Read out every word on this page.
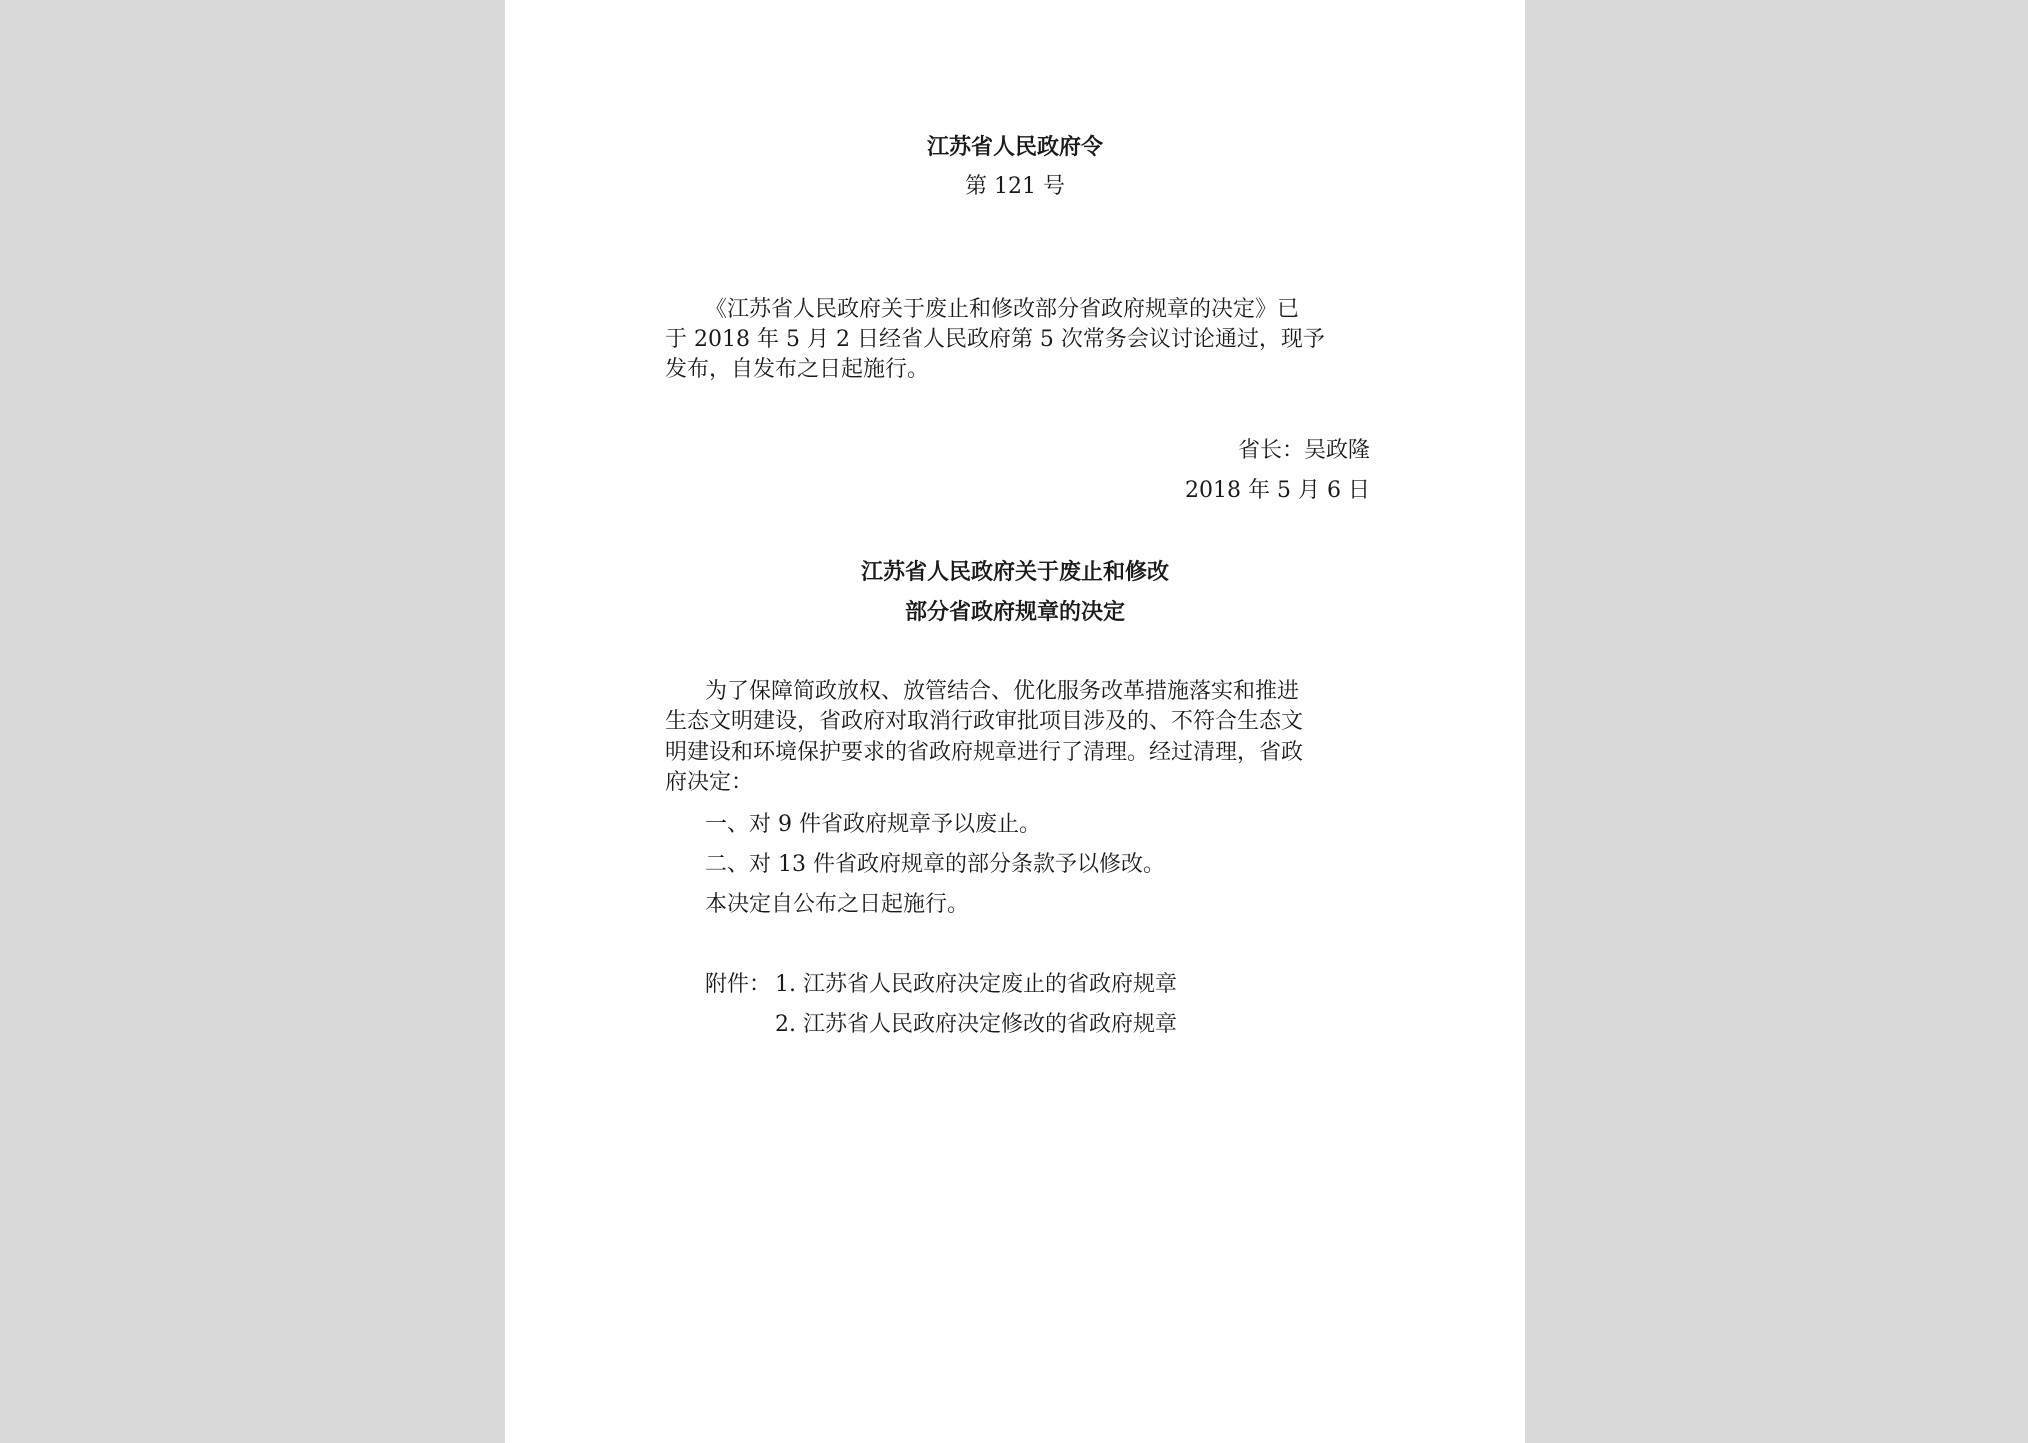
江苏省人民政府令
第 121 号
《江苏省人民政府关于废止和修改部分省政府规章的决定》已
于 2018 年 5 月 2 日经省人民政府第 5 次常务会议讨论通过，现予
发布，自发布之日起施行。
省长：吴政隆
2018 年 5 月 6 日
江苏省人民政府关于废止和修改
部分省政府规章的决定
为了保障简政放权、放管结合、优化服务改革措施落实和推进
生态文明建设，省政府对取消行政审批项目涉及的、不符合生态文
明建设和环境保护要求的省政府规章进行了清理。经过清理，省政
府决定：
一、对 9 件省政府规章予以废止。
二、对 13 件省政府规章的部分条款予以修改。
本决定自公布之日起施行。
附件： 1. 江苏省人民政府决定废止的省政府规章
2. 江苏省人民政府决定修改的省政府规章
